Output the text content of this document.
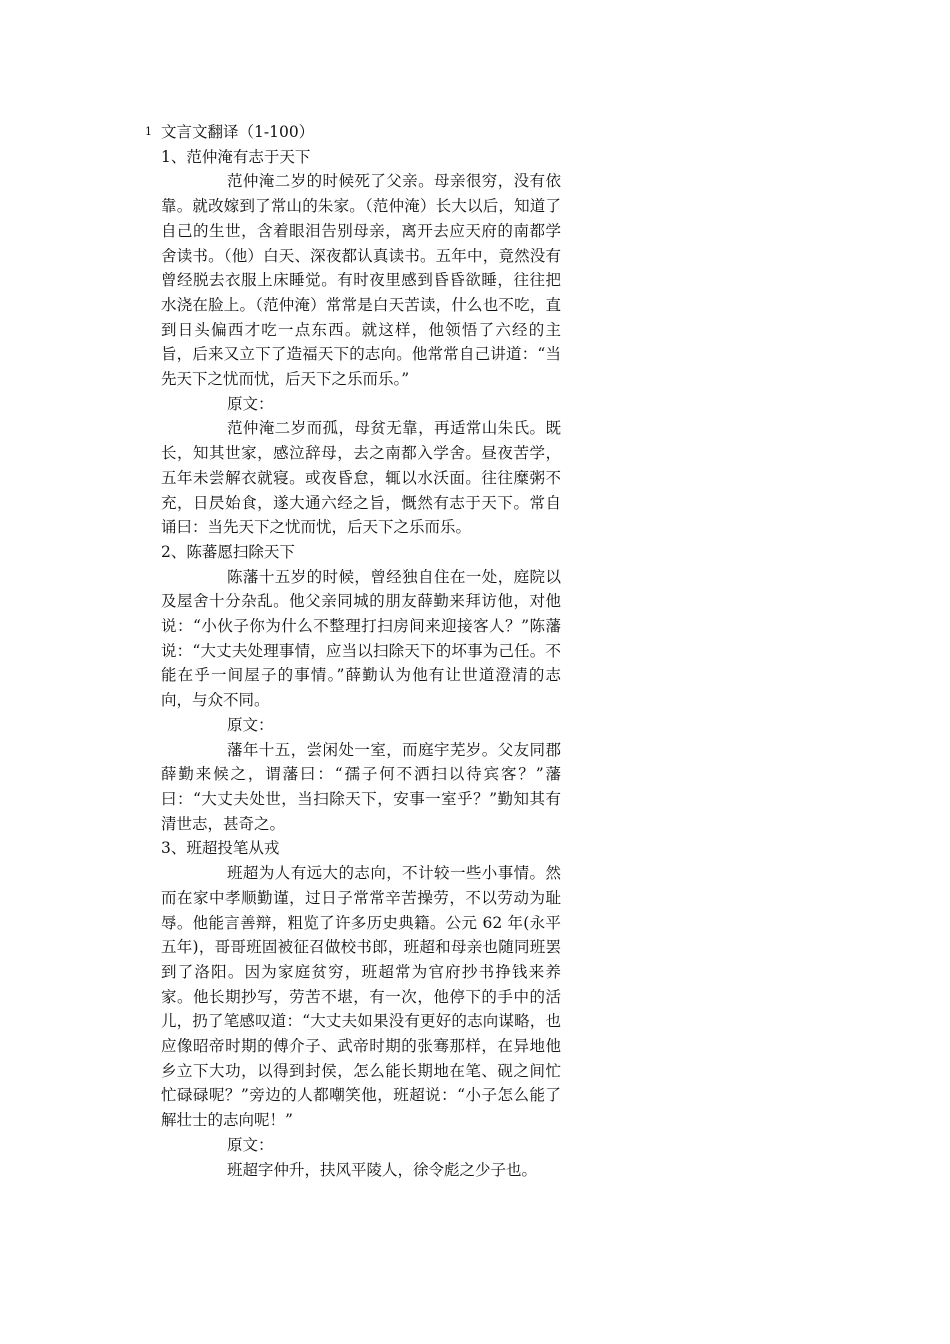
1 文言文翻译（1-100）

1、范仲淹有志于天下

范仲淹二岁的时候死了父亲。母亲很穷，没有依靠。就改嫁到了常山的朱家。（范仲淹）长大以后，知道了自己的生世，含着眼泪告别母亲，离开去应天府的南都学舍读书。（他）白天、深夜都认真读书。五年中，竟然没有曾经脱去衣服上床睡觉。有时夜里感到昏昏欲睡，往往把水浇在脸上。（范仲淹）常常是白天苦读，什么也不吃，直到日头偏西才吃一点东西。就这样，他领悟了六经的主旨，后来又立下了造福天下的志向。他常常自己讲道：“当先天下之忧而忧，后天下之乐而乐。”

原文：

范仲淹二岁而孤，母贫无靠，再适常山朱氏。既长，知其世家，感泣辞母，去之南都入学舍。昼夜苦学，五年未尝解衣就寝。或夜昏怠，辄以水沃面。往往糜粥不充，日昃始食，遂大通六经之旨，慨然有志于天下。常自诵曰：当先天下之忧而忧，后天下之乐而乐。

2、陈蕃愿扫除天下

陈藩十五岁的时候，曾经独自住在一处，庭院以及屋舍十分杂乱。他父亲同城的朋友薛勤来拜访他，对他说：“小伙子你为什么不整理打扫房间来迎接客人？”陈藩说：“大丈夫处理事情，应当以扫除天下的坏事为己任。不能在乎一间屋子的事情。”薛勤认为他有让世道澄清的志向，与众不同。

原文：

藩年十五，尝闲处一室，而庭宇芜岁。父友同郡薛勤来候之，谓藩曰：“孺子何不洒扫以待宾客？”藩曰：“大丈夫处世，当扫除天下，安事一室乎？”勤知其有清世志，甚奇之。

3、班超投笔从戎

班超为人有远大的志向，不计较一些小事情。然而在家中孝顺勤谨，过日子常常辛苦操劳，不以劳动为耻辱。他能言善辩，粗览了许多历史典籍。公元 62 年(永平五年)，哥哥班固被征召做校书郎，班超和母亲也随同班罢到了洛阳。因为家庭贫穷，班超常为官府抄书挣钱来养家。他长期抄写，劳苦不堪，有一次，他停下的手中的活儿，扔了笔感叹道：“大丈夫如果没有更好的志向谋略，也应像昭帝时期的傅介子、武帝时期的张骞那样，在异地他乡立下大功，以得到封侯，怎么能长期地在笔、砚之间忙忙碌碌呢？”旁边的人都嘲笑他，班超说：“小子怎么能了解壮士的志向呢！”

原文：

班超字仲升，扶风平陵人，徐令彪之少子也。
